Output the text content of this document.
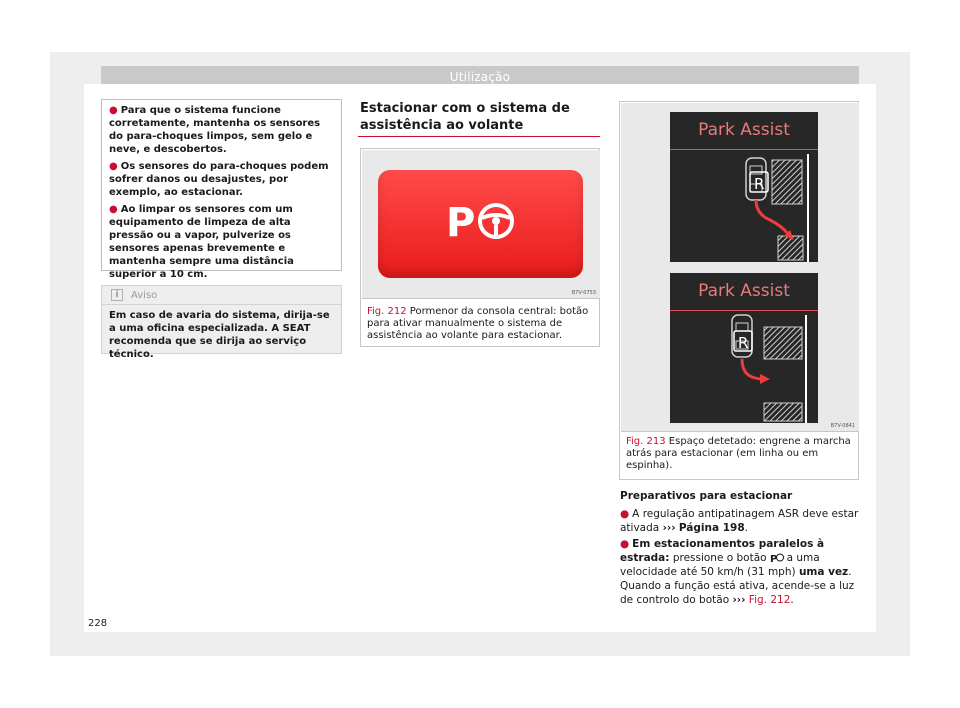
Utilização

● Para que o sistema funcione corretamente, mantenha os sensores do para-choques limpos, sem gelo e neve, e descobertos.

● Os sensores do para-choques podem sofrer danos ou desajustes, por exemplo, ao estacionar.

● Ao limpar os sensores com um equipamento de limpeza de alta pressão ou a vapor, pulverize os sensores apenas brevemente e mantenha sempre uma distância superior a 10 cm.

i	Aviso
Em caso de avaria do sistema, dirija-se a uma oficina especializada. A SEAT recomenda que se dirija ao serviço técnico.
Estacionar com o sistema de assistência ao volante
P
B7V-0753
Fig. 212 Pormenor da consola central: botão para ativar manualmente o sistema de assistência ao volante para estacionar.
Park Assist
R
Park Assist
R
B7V-0841
Fig. 213 Espaço detetado: engrene a marcha atrás para estacionar (em linha ou em espinha).
Preparativos para estacionar

● A regulação antipatinagem ASR deve estar ativada ››› Página 198.

● Em estacionamentos paralelos à estrada: pressione o botão P a uma velocidade até 50 km/h (31 mph) uma vez. Quando a função está ativa, acende-se a luz de controlo do botão ››› Fig. 212.

228
